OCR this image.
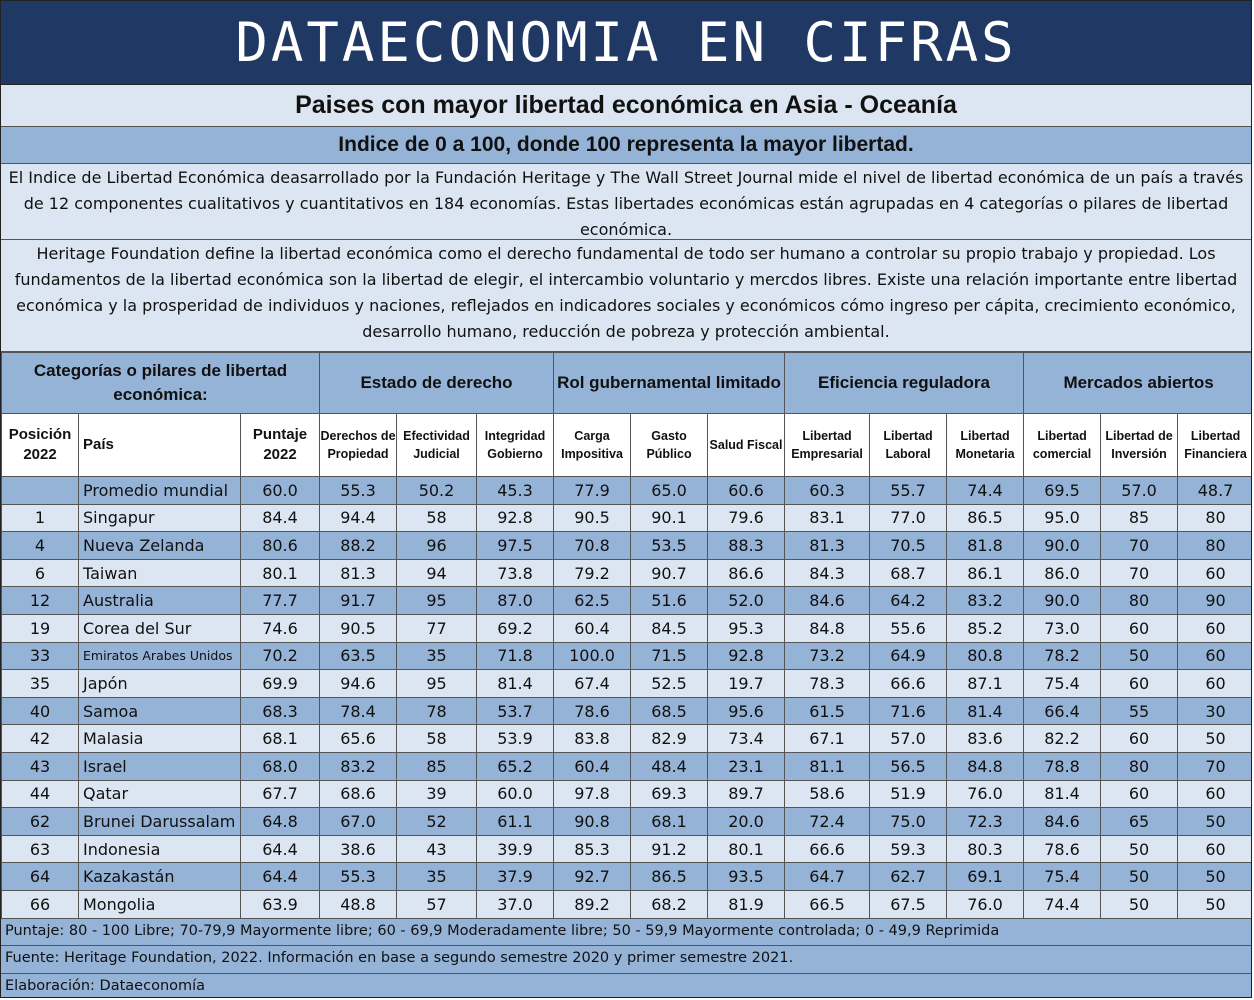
DATAECONOMIA EN CIFRAS
Paises con mayor libertad económica en Asia - Oceanía
Indice de 0 a 100, donde 100 representa la mayor libertad.
El Indice de Libertad Económica deasarrollado por la Fundación Heritage y The Wall Street Journal mide el nivel de libertad económica de un país a través de 12 componentes cualitativos y cuantitativos en 184 economías. Estas libertades económicas están agrupadas en 4 categorías o pilares de libertad económica.
Heritage Foundation define la libertad económica como el derecho fundamental de todo ser humano a controlar su propio trabajo y propiedad. Los fundamentos de la libertad económica son la libertad de elegir, el intercambio voluntario y mercdos libres. Existe una relación importante entre libertad económica y la prosperidad de individuos y naciones, reflejados en indicadores sociales y económicos cómo ingreso per cápita, crecimiento económico, desarrollo humano, reducción de pobreza y protección ambiental.
Categorías o pilares de libertad económica:			Estado de derecho			Rol gubernamental limitado			Eficiencia reguladora			Mercados abiertos		
Posición 2022	País	Puntaje 2022	Derechos de Propiedad	Efectividad Judicial	Integridad Gobierno	Carga Impositiva	Gasto Público	Salud Fiscal	Libertad Empresarial	Libertad Laboral	Libertad Monetaria	Libertad comercial	Libertad de Inversión	Libertad Financiera
	Promedio mundial	60.0	55.3	50.2	45.3	77.9	65.0	60.6	60.3	55.7	74.4	69.5	57.0	48.7
1	Singapur	84.4	94.4	58	92.8	90.5	90.1	79.6	83.1	77.0	86.5	95.0	85	80
4	Nueva Zelanda	80.6	88.2	96	97.5	70.8	53.5	88.3	81.3	70.5	81.8	90.0	70	80
6	Taiwan	80.1	81.3	94	73.8	79.2	90.7	86.6	84.3	68.7	86.1	86.0	70	60
12	Australia	77.7	91.7	95	87.0	62.5	51.6	52.0	84.6	64.2	83.2	90.0	80	90
19	Corea del Sur	74.6	90.5	77	69.2	60.4	84.5	95.3	84.8	55.6	85.2	73.0	60	60
33	Emiratos Arabes Unidos	70.2	63.5	35	71.8	100.0	71.5	92.8	73.2	64.9	80.8	78.2	50	60
35	Japón	69.9	94.6	95	81.4	67.4	52.5	19.7	78.3	66.6	87.1	75.4	60	60
40	Samoa	68.3	78.4	78	53.7	78.6	68.5	95.6	61.5	71.6	81.4	66.4	55	30
42	Malasia	68.1	65.6	58	53.9	83.8	82.9	73.4	67.1	57.0	83.6	82.2	60	50
43	Israel	68.0	83.2	85	65.2	60.4	48.4	23.1	81.1	56.5	84.8	78.8	80	70
44	Qatar	67.7	68.6	39	60.0	97.8	69.3	89.7	58.6	51.9	76.0	81.4	60	60
62	Brunei Darussalam	64.8	67.0	52	61.1	90.8	68.1	20.0	72.4	75.0	72.3	84.6	65	50
63	Indonesia	64.4	38.6	43	39.9	85.3	91.2	80.1	66.6	59.3	80.3	78.6	50	60
64	Kazakastán	64.4	55.3	35	37.9	92.7	86.5	93.5	64.7	62.7	69.1	75.4	50	50
66	Mongolia	63.9	48.8	57	37.0	89.2	68.2	81.9	66.5	67.5	76.0	74.4	50	50
Puntaje: 80 - 100 Libre; 70-79,9 Mayormente libre; 60 - 69,9 Moderadamente libre; 50 - 59,9 Mayormente controlada; 0 - 49,9 Reprimida
Fuente: Heritage Foundation, 2022. Información en base a segundo semestre 2020 y primer semestre 2021.
Elaboración: Dataeconomía
